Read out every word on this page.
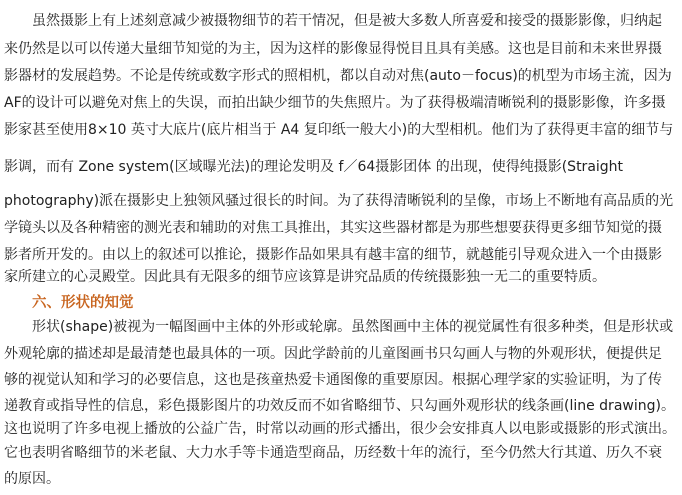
虽然摄影上有上述刻意减少被摄物细节的若干情况，但是被大多数人所喜爱和接受的摄影影像，归纳起
来仍然是以可以传递大量细节知觉的为主，因为这样的影像显得悦目且具有美感。这也是目前和未来世界摄
影器材的发展趋势。不论是传统或数字形式的照相机，都以自动对焦(auto－focus)的机型为市场主流，因为
AF的设计可以避免对焦上的失误，而拍出缺少细节的失焦照片。为了获得极端清晰锐利的摄影影像，许多摄
影家甚至使用8×10 英寸大底片(底片相当于 A4 复印纸一般大小)的大型相机。他们为了获得更丰富的细节与
影调，而有 Zone system(区域曝光法)的理论发明及 f／64摄影团体 的出现，使得纯摄影(Straight
photography)派在摄影史上独领风骚过很长的时间。为了获得清晰锐利的呈像，市场上不断地有高品质的光
学镜头以及各种精密的测光表和辅助的对焦工具推出，其实这些器材都是为那些想要获得更多细节知觉的摄
影者所开发的。由以上的叙述可以推论，摄影作品如果具有越丰富的细节，就越能引导观众进入一个由摄影
家所建立的心灵殿堂。因此具有无限多的细节应该算是讲究品质的传统摄影独一无二的重要特质。
六、形状的知觉
形状(shape)被视为一幅图画中主体的外形或轮廓。虽然图画中主体的视觉属性有很多种类，但是形状或
外观轮廓的描述却是最清楚也最具体的一项。因此学龄前的儿童图画书只勾画人与物的外观形状，便提供足
够的视觉认知和学习的必要信息，这也是孩童热爱卡通图像的重要原因。根据心理学家的实验证明，为了传
递教育或指导性的信息，彩色摄影图片的功效反而不如省略细节、只勾画外观形状的线条画(line drawing)。
这也说明了许多电视上播放的公益广告，时常以动画的形式播出，很少会安排真人以电影或摄影的形式演出。
它也表明省略细节的米老鼠、大力水手等卡通造型商品，历经数十年的流行，至今仍然大行其道、历久不衰
的原因。
